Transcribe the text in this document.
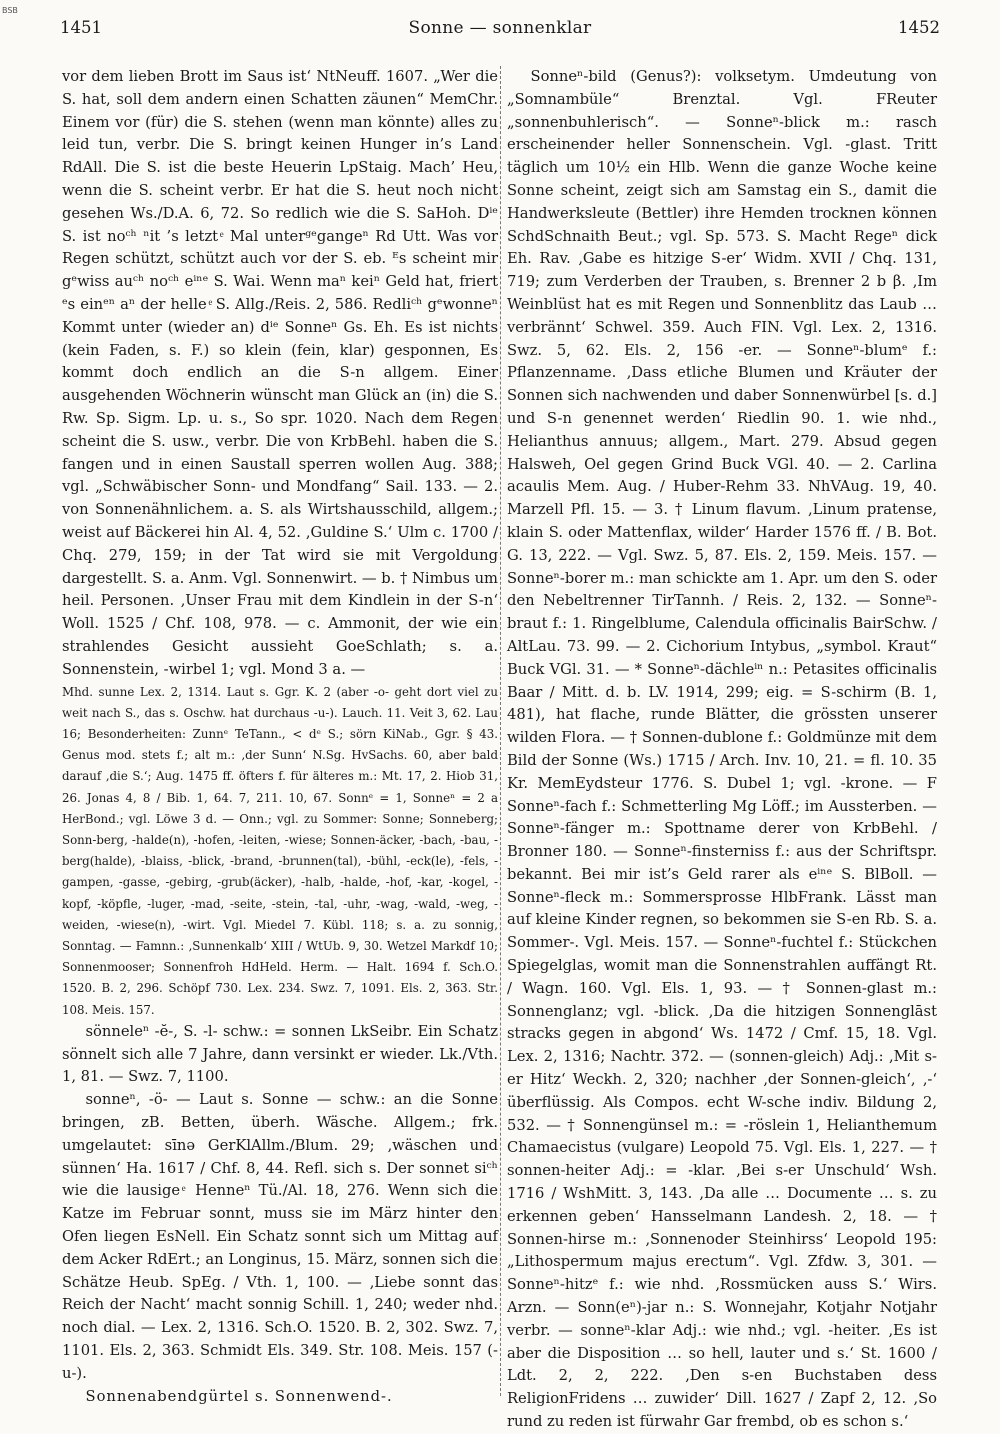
BSB
1451	Sonne — sonnenklar	1452

vor dem lieben Brott im Saus ist‘ NtNeuff. 1607. „Wer die S. hat, soll dem andern einen Schatten zäunen“ MemChr. Einem vor (für) die S. stehen (wenn man könnte) alles zu leid tun, verbr. Die S. bringt keinen Hunger in’s Land RdAll. Die S. ist die beste Heuerin LpStaig. Mach’ Heu, wenn die S. scheint verbr. Er hat die S. heut noch nicht gesehen Ws./D.A. 6, 72. So redlich wie die S. SaHoh. Dⁱᵉ S. ist noᶜʰ ⁿit ’s letzt ͤ Mal unterᵍᵉgangeⁿ Rd Utt. Was vor Regen schützt, schützt auch vor der S. eb. ᴱs scheint mir gᵉwiss auᶜʰ noᶜʰ eⁱⁿᵉ S. Wai. Wenn maⁿ keiⁿ Geld hat, friert ᵉs einᵉⁿ aⁿ der helle ͤ S. Allg./Reis. 2, 586. Redliᶜʰ gᵉwonneⁿ Kommt unter (wieder an) dⁱᵉ Sonneⁿ Gs. Eh. Es ist nichts (kein Faden, s. F.) so klein (fein, klar) gesponnen, Es kommt doch endlich an die S-n allgem. Einer ausgehenden Wöchnerin wünscht man Glück an (in) die S. Rw. Sp. Sigm. Lp. u. s., So spr. 1020. Nach dem Regen scheint die S. usw., verbr. Die von KrbBehl. haben die S. fangen und in einen Saustall sperren wollen Aug. 388; vgl. „Schwäbischer Sonn- und Mondfang“ Sail. 133. — 2. von Sonnenähnlichem. a. S. als Wirtshausschild, allgem.; weist auf Bäckerei hin Al. 4, 52. ‚Guldine S.‘ Ulm c. 1700 / Chq. 279, 159; in der Tat wird sie mit Vergoldung dargestellt. S. a. Anm. Vgl. Sonnenwirt. — b. † Nimbus um heil. Personen. ‚Unser Frau mit dem Kindlein in der S-n‘ Woll. 1525 / Chf. 108, 978. — c. Ammonit, der wie ein strahlendes Gesicht aussieht GoeSchlath; s. a. Sonnenstein, -wirbel 1; vgl. Mond 3 a. —

Mhd. sunne Lex. 2, 1314. Laut s. Ggr. K. 2 (aber -o- geht dort viel zu weit nach S., das s. Oschw. hat durchaus -u-). Lauch. 11. Veit 3, 62. Lau 16; Besonderheiten: Zunnᵉ TeTann., < dᵉ S.; sörn KiNab., Ggr. § 43. Genus mod. stets f.; alt m.: ‚der Sunn‘ N.Sg. HvSachs. 60, aber bald darauf ‚die S.‘; Aug. 1475 ff. öfters f. für älteres m.: Mt. 17, 2. Hiob 31, 26. Jonas 4, 8 / Bib. 1, 64. 7, 211. 10, 67. Sonnᵉ = 1, Sonneⁿ = 2 a HerBond.; vgl. Löwe 3 d. — Onn.; vgl. zu Sommer: Sonne; Sonneberg; Sonn-berg, -halde(n), -hofen, -leiten, -wiese; Sonnen-äcker, -bach, -bau, -berg(halde), -blaiss, -blick, -brand, -brunnen(tal), -bühl, -eck(le), -fels, -gampen, -gasse, -gebirg, -grub(äcker), -halb, -halde, -hof, -kar, -kogel, -kopf, -köpfle, -luger, -mad, -seite, -stein, -tal, -uhr, -wag, -wald, -weg, -weiden, -wiese(n), -wirt. Vgl. Miedel 7. Kübl. 118; s. a. zu sonnig, Sonntag. — Famnn.: ‚Sunnenkalb‘ XIII / WtUb. 9, 30. Wetzel Markdf 10; Sonnenmooser; Sonnenfroh HdHeld. Herm. — Halt. 1694 f. Sch.O. 1520. B. 2, 296. Schöpf 730. Lex. 234. Swz. 7, 1091. Els. 2, 363. Str. 108. Meis. 157.

sönneleⁿ -ĕ-, S. -l- schw.: = sonnen LkSeibr. Ein Schatz sönnelt sich alle 7 Jahre, dann versinkt er wieder. Lk./Vth. 1, 81. — Swz. 7, 1100.

sonneⁿ, -ö- — Laut s. Sonne — schw.: an die Sonne bringen, zB. Betten, überh. Wäsche. Allgem.; frk. umgelautet: sīnə GerKlAllm./Blum. 29; ‚wäschen und sünnen‘ Ha. 1617 / Chf. 8, 44. Refl. sich s. Der sonnet siᶜʰ wie die lausige ͤ Henneⁿ Tü./Al. 18, 276. Wenn sich die Katze im Februar sonnt, muss sie im März hinter den Ofen liegen EsNell. Ein Schatz sonnt sich um Mittag auf dem Acker RdErt.; an Longinus, 15. März, sonnen sich die Schätze Heub. SpEg. / Vth. 1, 100. — ‚Liebe sonnt das Reich der Nacht‘ macht sonnig Schill. 1, 240; weder nhd. noch dial. — Lex. 2, 1316. Sch.O. 1520. B. 2, 302. Swz. 7, 1101. Els. 2, 363. Schmidt Els. 349. Str. 108. Meis. 157 (-u-).

Sonnenabendgürtel s. Sonnenwend-.

Sonneⁿ-bild (Genus?): volksetym. Umdeutung von „Somnambüle“ Brenztal. Vgl. FReuter „sonnenbuhlerisch“. — Sonneⁿ-blick m.: rasch erscheinender heller Sonnenschein. Vgl. -glast. Tritt täglich um 10½ ein Hlb. Wenn die ganze Woche keine Sonne scheint, zeigt sich am Samstag ein S., damit die Handwerksleute (Bettler) ihre Hemden trocknen können SchdSchnaith Beut.; vgl. Sp. 573. S. Macht Regeⁿ dick Eh. Rav. ‚Gabe es hitzige S-er‘ Widm. XVII / Chq. 131, 719; zum Verderben der Trauben, s. Brenner 2 b β. ‚Im Weinblüst hat es mit Regen und Sonnenblitz das Laub … verbrännt‘ Schwel. 359. Auch FIN. Vgl. Lex. 2, 1316. Swz. 5, 62. Els. 2, 156 -er. — Sonneⁿ-blumᵉ f.: Pflanzenname. ‚Dass etliche Blumen und Kräuter der Sonnen sich nachwenden und daber Sonnenwürbel [s. d.] und S-n genennet werden‘ Riedlin 90. 1. wie nhd., Helianthus annuus; allgem., Mart. 279. Absud gegen Halsweh, Oel gegen Grind Buck VGl. 40. — 2. Carlina acaulis Mem. Aug. / Huber-Rehm 33. NhVAug. 19, 40. Marzell Pfl. 15. — 3. † Linum flavum. ‚Linum pratense, klain S. oder Mattenflax, wilder‘ Harder 1576 ff. / B. Bot. G. 13, 222. — Vgl. Swz. 5, 87. Els. 2, 159. Meis. 157. — Sonneⁿ-borer m.: man schickte am 1. Apr. um den S. oder den Nebeltrenner TirTannh. / Reis. 2, 132. — Sonneⁿ-braut f.: 1. Ringelblume, Calendula officinalis BairSchw. / AltLau. 73. 99. — 2. Cichorium Intybus, „symbol. Kraut“ Buck VGl. 31. — * Sonneⁿ-dächleⁱⁿ n.: Petasites officinalis Baar / Mitt. d. b. LV. 1914, 299; eig. = S-schirm (B. 1, 481), hat flache, runde Blätter, die grössten unserer wilden Flora. — † Sonnen-dublone f.: Goldmünze mit dem Bild der Sonne (Ws.) 1715 / Arch. Inv. 10, 21. = fl. 10. 35 Kr. MemEydsteur 1776. S. Dubel 1; vgl. -krone. — F Sonneⁿ-fach f.: Schmetterling Mg Löff.; im Aussterben. — Sonneⁿ-fänger m.: Spottname derer von KrbBehl. / Bronner 180. — Sonneⁿ-finsterniss f.: aus der Schriftspr. bekannt. Bei mir ist’s Geld rarer als eⁱⁿᵉ S. BlBoll. — Sonneⁿ-fleck m.: Sommersprosse HlbFrank. Lässt man auf kleine Kinder regnen, so bekommen sie S-en Rb. S. a. Sommer-. Vgl. Meis. 157. — Sonneⁿ-fuchtel f.: Stückchen Spiegelglas, womit man die Sonnenstrahlen auffängt Rt. / Wagn. 160. Vgl. Els. 1, 93. — † Sonnen-glast m.: Sonnenglanz; vgl. -blick. ‚Da die hitzigen Sonnenglāst stracks gegen in abgond‘ Ws. 1472 / Cmf. 15, 18. Vgl. Lex. 2, 1316; Nachtr. 372. — (sonnen-gleich) Adj.: ‚Mit s-er Hitz‘ Weckh. 2, 320; nachher ‚der Sonnen-gleich‘, ‚-‘ überflüssig. Als Compos. echt W-sche indiv. Bildung 2, 532. — † Sonnengünsel m.: = -röslein 1, Helianthemum Chamaecistus (vulgare) Leopold 75. Vgl. Els. 1, 227. — † sonnen-heiter Adj.: = -klar. ‚Bei s-er Unschuld‘ Wsh. 1716 / WshMitt. 3, 143. ‚Da alle … Documente … s. zu erkennen geben‘ Hansselmann Landesh. 2, 18. — † Sonnen-hirse m.: ‚Sonnenoder Steinhirss‘ Leopold 195: „Lithospermum majus erectum“. Vgl. Zfdw. 3, 301. — Sonneⁿ-hitzᵉ f.: wie nhd. ‚Rossmücken auss S.‘ Wirs. Arzn. — Sonn(eⁿ)-jar n.: S. Wonnejahr, Kotjahr Notjahr verbr. — sonneⁿ-klar Adj.: wie nhd.; vgl. -heiter. ‚Es ist aber die Disposition … so hell, lauter und s.‘ St. 1600 / Ldt. 2, 2, 222. ‚Den s-en Buchstaben dess ReligionFridens … zuwider‘ Dill. 1627 / Zapf 2, 12. ‚So rund zu reden ist fürwahr Gar frembd, ob es schon s.‘
